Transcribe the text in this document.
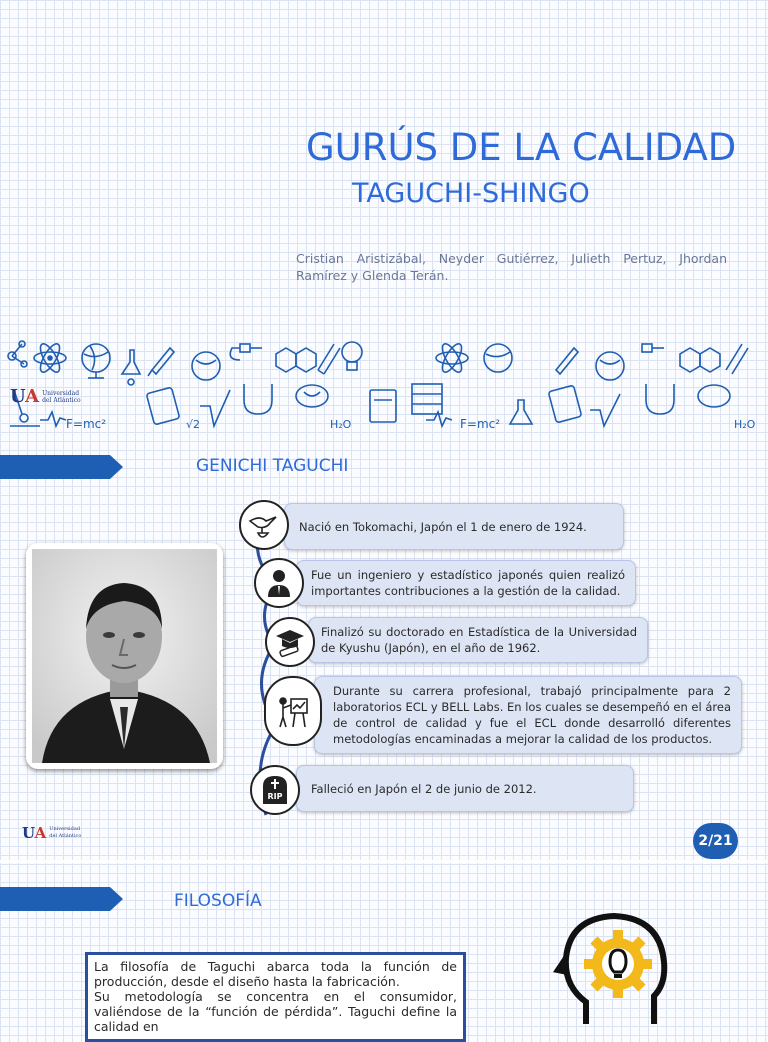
GURÚS DE LA CALIDAD
TAGUCHI-SHINGO
Cristian Aristizábal, Neyder Gutiérrez, Julieth Pertuz, Jhordan Ramírez y Glenda Terán.
F=mc²	F=mc²
√2	H₂O	H₂O
UA Universidad
del Atlántico
GENICHI TAGUCHI
Nació en Tokomachi, Japón el 1 de enero de 1924.
Fue un ingeniero y estadístico japonés quien realizó importantes contribuciones a la gestión de la calidad.
Finalizó su doctorado en Estadística de la Universidad de Kyushu (Japón), en el año de 1962.
Durante su carrera profesional, trabajó principalmente para 2 laboratorios ECL y BELL Labs. En los cuales se desempeñó en el área de control de calidad y fue el ECL donde desarrolló diferentes metodologías encaminadas a mejorar la calidad de los productos.
Falleció en Japón el 2 de junio de 2012.
RIP
UA Universidad
del Atlántico	2/21
FILOSOFÍA
La filosofía de Taguchi abarca toda la función de producción, desde el diseño hasta la fabricación.
Su metodología se concentra en el consumidor, valiéndose de la “función de pérdida”. Taguchi define la calidad en
